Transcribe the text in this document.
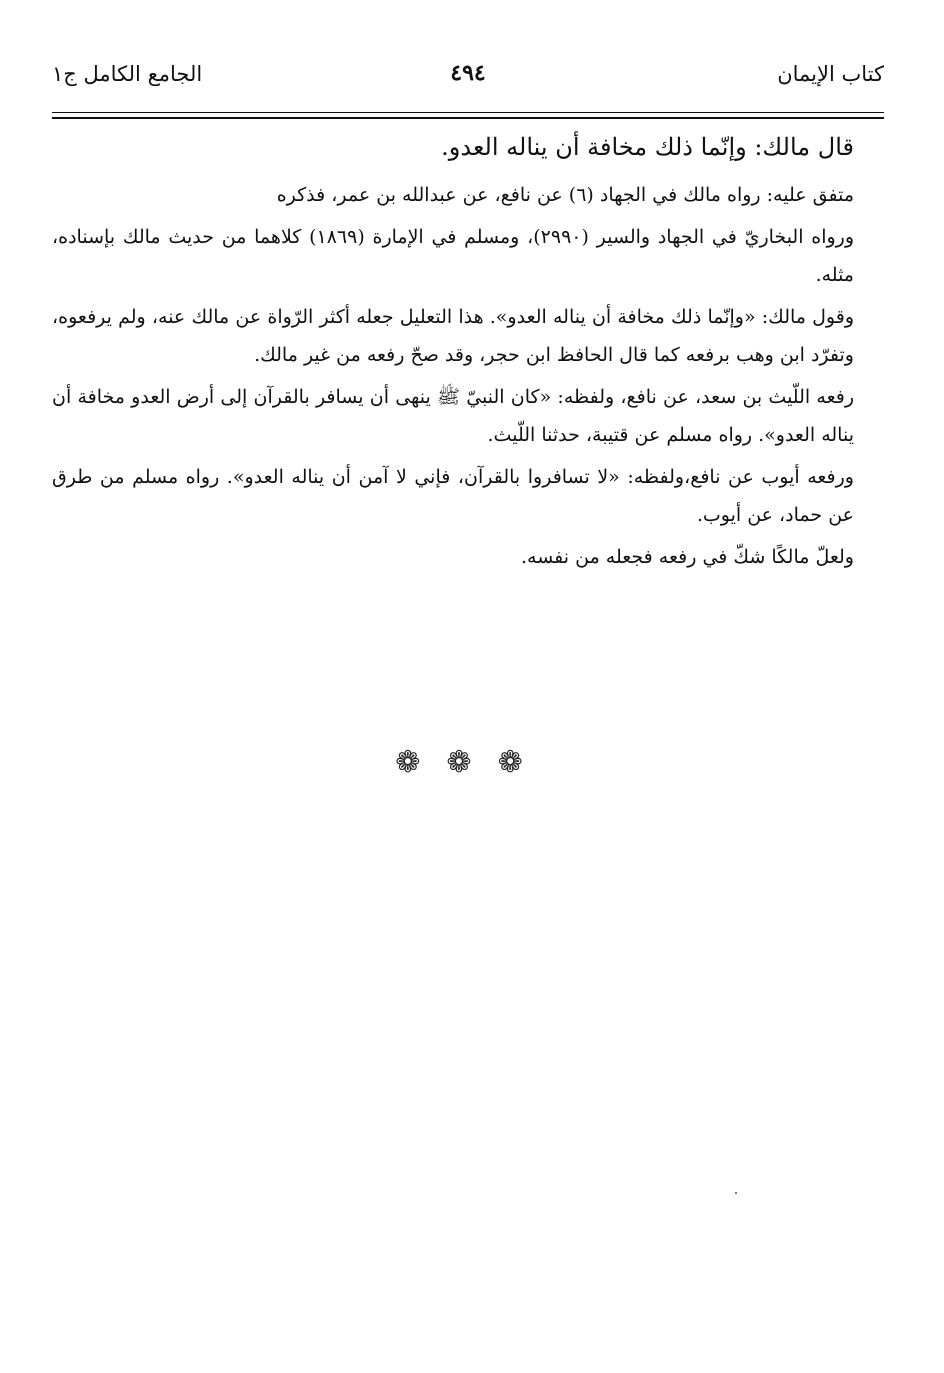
كتاب الإيمان
٤٩٤
الجامع الكامل ج١

قال مالك: وإنّما ذلك مخافة أن يناله العدو.

متفق عليه: رواه مالك في الجهاد (٦) عن نافع، عن عبدالله بن عمر، فذكره

ورواه البخاريّ في الجهاد والسير (٢٩٩٠)، ومسلم في الإمارة (١٨٦٩) كلاهما من حديث مالك بإسناده، مثله.

وقول مالك: «وإنّما ذلك مخافة أن يناله العدو». هذا التعليل جعله أكثر الرّواة عن مالك عنه، ولم يرفعوه، وتفرّد ابن وهب برفعه كما قال الحافظ ابن حجر، وقد صحّ رفعه من غير مالك.

رفعه اللّيث بن سعد، عن نافع، ولفظه: «كان النبيّ ﷺ ينهى أن يسافر بالقرآن إلى أرض العدو مخافة أن يناله العدو». رواه مسلم عن قتيبة، حدثنا اللّيث.

ورفعه أيوب عن نافع،ولفظه: «لا تسافروا بالقرآن، فإني لا آمن أن يناله العدو». رواه مسلم من طرق عن حماد، عن أيوب.

ولعلّ مالكًا شكّ في رفعه فجعله من نفسه.

❁❁❁
